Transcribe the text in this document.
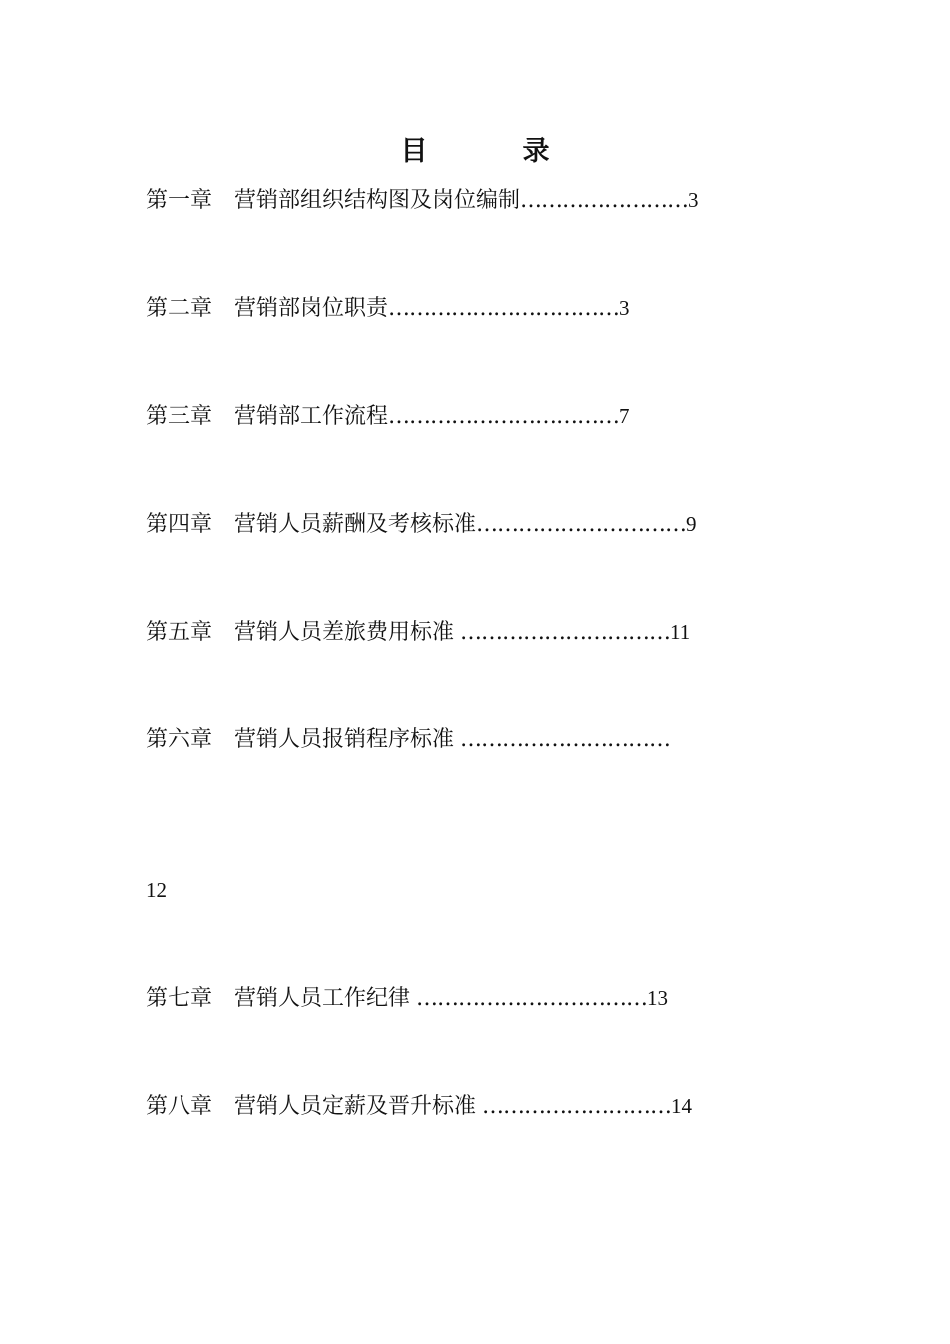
目　录
第一章　 营销部组织结构图及岗位编制……………………3
第二章　 营销部岗位职责……………………………3
第三章　 营销部工作流程……………………………7
第四章　 营销人员薪酬及考核标准…………………………9
第五章　 营销人员差旅费用标准 …………………………11
第六章　 营销人员报销程序标准 …………………………
12
第七章　 营销人员工作纪律 ……………………………13
第八章　 营销人员定薪及晋升标准 ………………………14
